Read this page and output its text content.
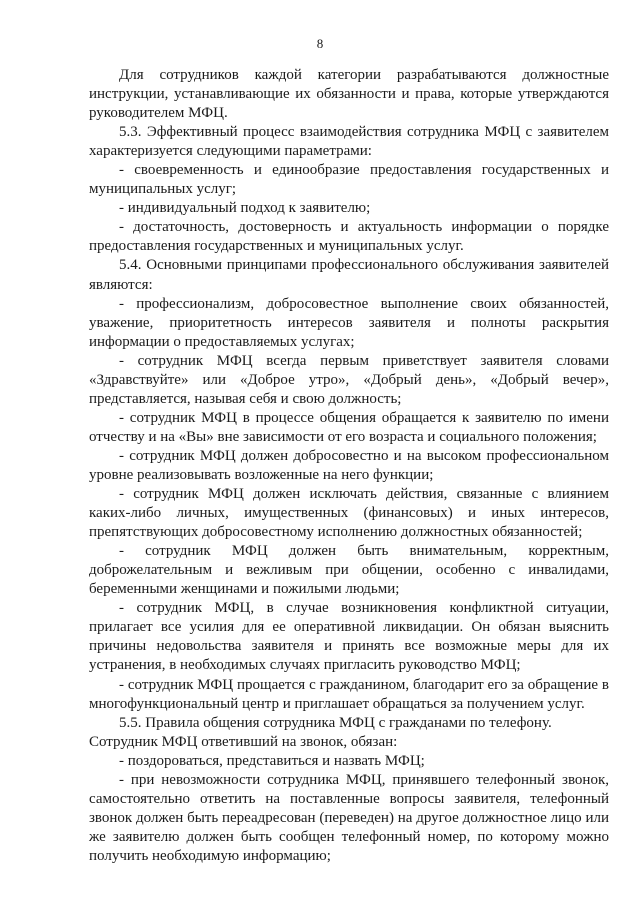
8

Для сотрудников каждой категории разрабатываются должностные инструкции, устанавливающие их обязанности и права, которые утверждаются руководителем МФЦ.

5.3. Эффективный процесс взаимодействия сотрудника МФЦ с заявителем характеризуется следующими параметрами:

- своевременность и единообразие предоставления государственных и муниципальных услуг;

- индивидуальный подход к заявителю;

- достаточность, достоверность и актуальность информации о порядке предоставления государственных и муниципальных услуг.

5.4. Основными принципами профессионального обслуживания заявителей являются:

- профессионализм, добросовестное выполнение своих обязанностей, уважение, приоритетность интересов заявителя и полноты раскрытия информации о предоставляемых услугах;

- сотрудник МФЦ всегда первым приветствует заявителя словами «Здравствуйте» или «Доброе утро», «Добрый день», «Добрый вечер», представляется, называя себя и свою должность;

- сотрудник МФЦ в процессе общения обращается к заявителю по имени отчеству и на «Вы» вне зависимости от его возраста и социального положения;

- сотрудник МФЦ должен добросовестно и на высоком профессиональном уровне реализовывать возложенные на него функции;

- сотрудник МФЦ должен исключать действия, связанные с влиянием каких-либо личных, имущественных (финансовых) и иных интересов, препятствующих добросовестному исполнению должностных обязанностей;

- сотрудник МФЦ должен быть внимательным, корректным, доброжелательным и вежливым при общении, особенно с инвалидами, беременными женщинами и пожилыми людьми;

- сотрудник МФЦ, в случае возникновения конфликтной ситуации, прилагает все усилия для ее оперативной ликвидации. Он обязан выяснить причины недовольства заявителя и принять все возможные меры для их устранения, в необходимых случаях пригласить руководство МФЦ;

- сотрудник МФЦ прощается с гражданином, благодарит его за обращение в многофункциональный центр и приглашает обращаться за получением услуг.

5.5. Правила общения сотрудника МФЦ с гражданами по телефону.

Сотрудник МФЦ ответивший на звонок, обязан:

- поздороваться, представиться и назвать МФЦ;

- при невозможности сотрудника МФЦ, принявшего телефонный звонок, самостоятельно ответить на поставленные вопросы заявителя, телефонный звонок должен быть переадресован (переведен) на другое должностное лицо или же заявителю должен быть сообщен телефонный номер, по которому можно получить необходимую информацию;
